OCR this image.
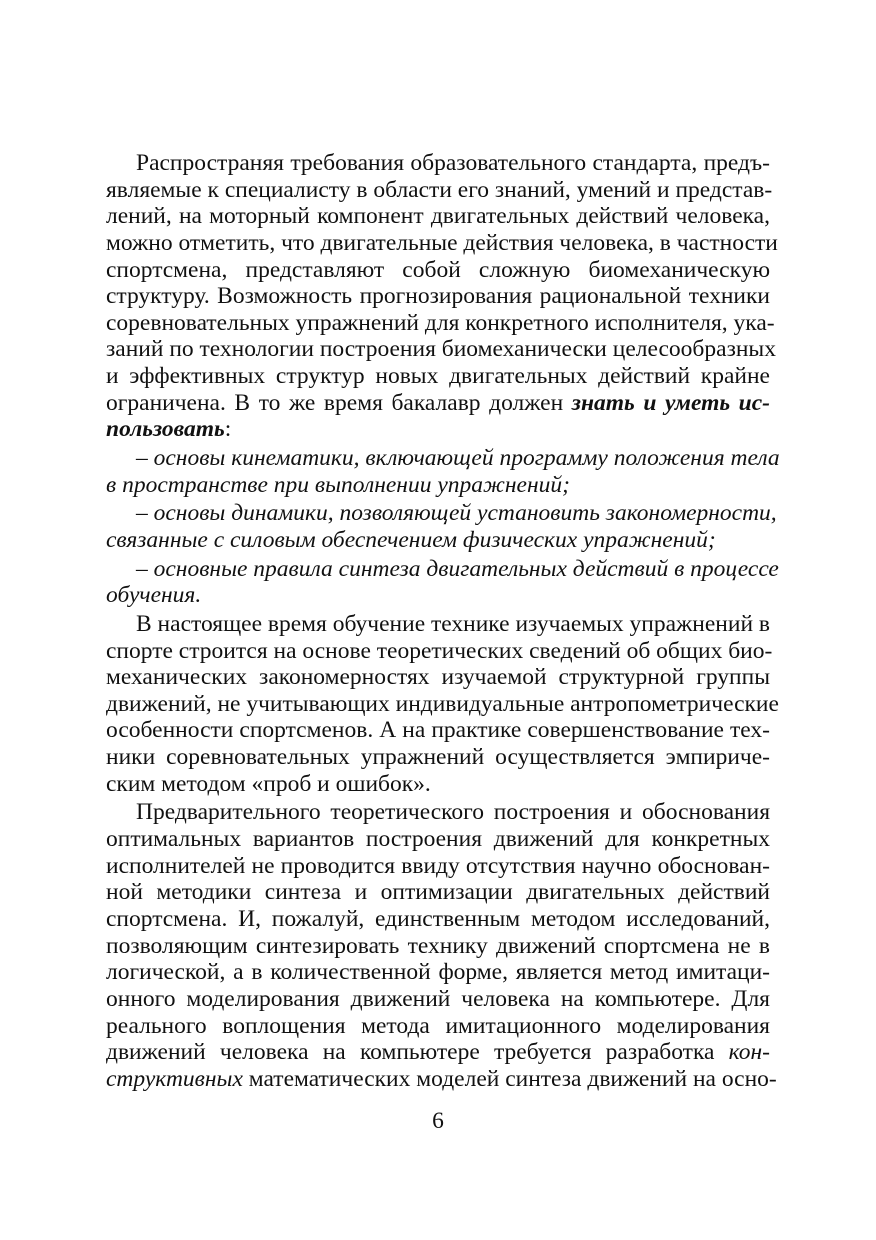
Распространяя требования образовательного стандарта, предъ-
являемые к специалисту в области его знаний, умений и представ-
лений, на моторный компонент двигательных действий человека,
можно отметить, что двигательные действия человека, в частности
спортсмена, представляют собой сложную биомеханическую
структуру. Возможность прогнозирования рациональной техники
соревновательных упражнений для конкретного исполнителя, ука-
заний по технологии построения биомеханически целесообразных
и эффективных структур новых двигательных действий крайне
ограничена. В то же время бакалавр должен знать и уметь ис-
пользовать:
– основы кинематики, включающей программу положения тела
в пространстве при выполнении упражнений;
– основы динамики, позволяющей установить закономерности,
связанные с силовым обеспечением физических упражнений;
– основные правила синтеза двигательных действий в процессе
обучения.
В настоящее время обучение технике изучаемых упражнений в
спорте строится на основе теоретических сведений об общих био-
механических закономерностях изучаемой структурной группы
движений, не учитывающих индивидуальные антропометрические
особенности спортсменов. А на практике совершенствование тех-
ники соревновательных упражнений осуществляется эмпириче-
ским методом «проб и ошибок».
Предварительного теоретического построения и обоснования
оптимальных вариантов построения движений для конкретных
исполнителей не проводится ввиду отсутствия научно обоснован-
ной методики синтеза и оптимизации двигательных действий
спортсмена. И, пожалуй, единственным методом исследований,
позволяющим синтезировать технику движений спортсмена не в
логической, а в количественной форме, является метод имитаци-
онного моделирования движений человека на компьютере. Для
реального воплощения метода имитационного моделирования
движений человека на компьютере требуется разработка кон-
структивных математических моделей синтеза движений на осно-
6
